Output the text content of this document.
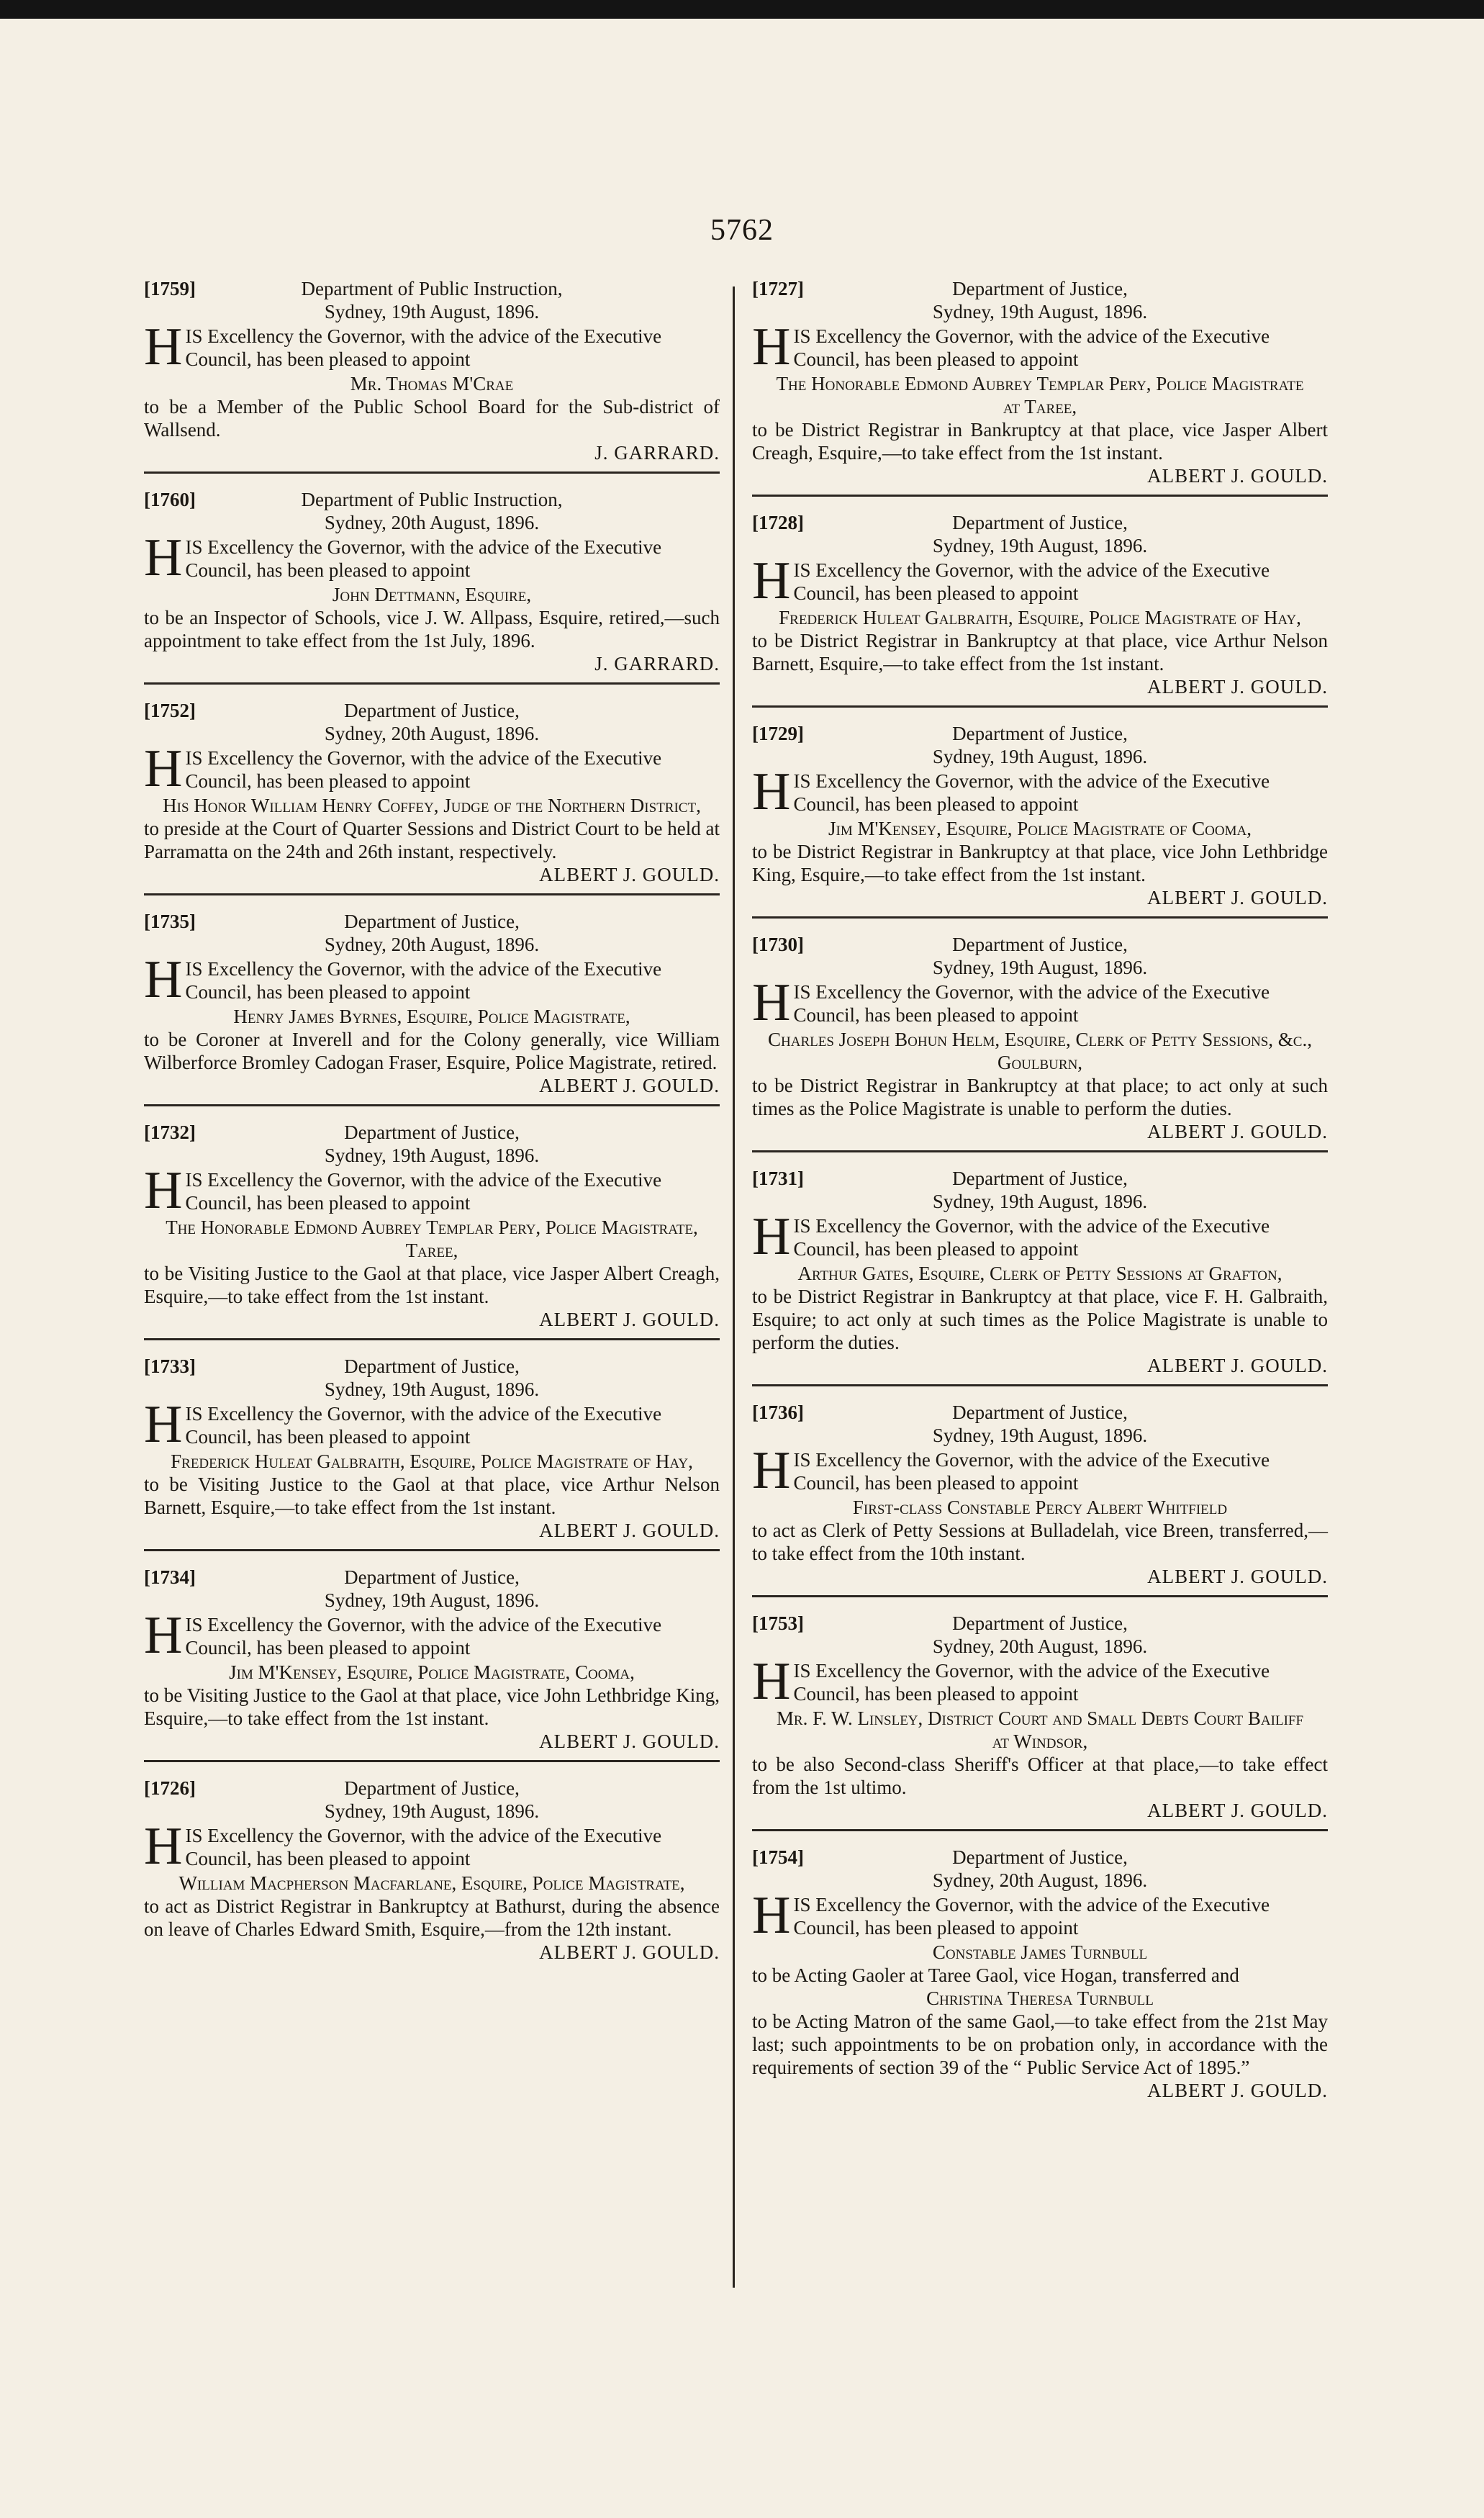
5762
[1759]	Department of Public Instruction,

Sydney, 19th August, 1896.

HIS Excellency the Governor, with the advice of the Executive Council, has been pleased to appoint

Mr. Thomas M'Crae

to be a Member of the Public School Board for the Sub-district of Wallsend.

J. GARRARD.

[1760]	Department of Public Instruction,

Sydney, 20th August, 1896.

HIS Excellency the Governor, with the advice of the Executive Council, has been pleased to appoint

John Dettmann, Esquire,

to be an Inspector of Schools, vice J. W. Allpass, Esquire, retired,—such appointment to take effect from the 1st July, 1896.

J. GARRARD.

[1752]	Department of Justice,

Sydney, 20th August, 1896.

HIS Excellency the Governor, with the advice of the Executive Council, has been pleased to appoint

His Honor William Henry Coffey, Judge of the Northern District,

to preside at the Court of Quarter Sessions and District Court to be held at Parramatta on the 24th and 26th instant, respectively.

ALBERT J. GOULD.

[1735]	Department of Justice,

Sydney, 20th August, 1896.

HIS Excellency the Governor, with the advice of the Executive Council, has been pleased to appoint

Henry James Byrnes, Esquire, Police Magistrate,

to be Coroner at Inverell and for the Colony generally, vice William Wilberforce Bromley Cadogan Fraser, Esquire, Police Magistrate, retired.

ALBERT J. GOULD.

[1732]	Department of Justice,

Sydney, 19th August, 1896.

HIS Excellency the Governor, with the advice of the Executive Council, has been pleased to appoint

The Honorable Edmond Aubrey Templar Pery, Police Magistrate, Taree,

to be Visiting Justice to the Gaol at that place, vice Jasper Albert Creagh, Esquire,—to take effect from the 1st instant.

ALBERT J. GOULD.

[1733]	Department of Justice,

Sydney, 19th August, 1896.

HIS Excellency the Governor, with the advice of the Executive Council, has been pleased to appoint

Frederick Huleat Galbraith, Esquire, Police Magistrate of Hay,

to be Visiting Justice to the Gaol at that place, vice Arthur Nelson Barnett, Esquire,—to take effect from the 1st instant.

ALBERT J. GOULD.

[1734]	Department of Justice,

Sydney, 19th August, 1896.

HIS Excellency the Governor, with the advice of the Executive Council, has been pleased to appoint

Jim M'Kensey, Esquire, Police Magistrate, Cooma,

to be Visiting Justice to the Gaol at that place, vice John Lethbridge King, Esquire,—to take effect from the 1st instant.

ALBERT J. GOULD.

[1726]	Department of Justice,

Sydney, 19th August, 1896.

HIS Excellency the Governor, with the advice of the Executive Council, has been pleased to appoint

William Macpherson Macfarlane, Esquire, Police Magistrate,

to act as District Registrar in Bankruptcy at Bathurst, during the absence on leave of Charles Edward Smith, Esquire,—from the 12th instant.

ALBERT J. GOULD.

[1727]	Department of Justice,

Sydney, 19th August, 1896.

HIS Excellency the Governor, with the advice of the Executive Council, has been pleased to appoint

The Honorable Edmond Aubrey Templar Pery, Police Magistrate at Taree,

to be District Registrar in Bankruptcy at that place, vice Jasper Albert Creagh, Esquire,—to take effect from the 1st instant.

ALBERT J. GOULD.

[1728]	Department of Justice,

Sydney, 19th August, 1896.

HIS Excellency the Governor, with the advice of the Executive Council, has been pleased to appoint

Frederick Huleat Galbraith, Esquire, Police Magistrate of Hay,

to be District Registrar in Bankruptcy at that place, vice Arthur Nelson Barnett, Esquire,—to take effect from the 1st instant.

ALBERT J. GOULD.

[1729]	Department of Justice,

Sydney, 19th August, 1896.

HIS Excellency the Governor, with the advice of the Executive Council, has been pleased to appoint

Jim M'Kensey, Esquire, Police Magistrate of Cooma,

to be District Registrar in Bankruptcy at that place, vice John Lethbridge King, Esquire,—to take effect from the 1st instant.

ALBERT J. GOULD.

[1730]	Department of Justice,

Sydney, 19th August, 1896.

HIS Excellency the Governor, with the advice of the Executive Council, has been pleased to appoint

Charles Joseph Bohun Helm, Esquire, Clerk of Petty Sessions, &c., Goulburn,

to be District Registrar in Bankruptcy at that place; to act only at such times as the Police Magistrate is unable to perform the duties.

ALBERT J. GOULD.

[1731]	Department of Justice,

Sydney, 19th August, 1896.

HIS Excellency the Governor, with the advice of the Executive Council, has been pleased to appoint

Arthur Gates, Esquire, Clerk of Petty Sessions at Grafton,

to be District Registrar in Bankruptcy at that place, vice F. H. Galbraith, Esquire; to act only at such times as the Police Magistrate is unable to perform the duties.

ALBERT J. GOULD.

[1736]	Department of Justice,

Sydney, 19th August, 1896.

HIS Excellency the Governor, with the advice of the Executive Council, has been pleased to appoint

First-class Constable Percy Albert Whitfield

to act as Clerk of Petty Sessions at Bulladelah, vice Breen, transferred,—to take effect from the 10th instant.

ALBERT J. GOULD.

[1753]	Department of Justice,

Sydney, 20th August, 1896.

HIS Excellency the Governor, with the advice of the Executive Council, has been pleased to appoint

Mr. F. W. Linsley, District Court and Small Debts Court Bailiff at Windsor,

to be also Second-class Sheriff's Officer at that place,—to take effect from the 1st ultimo.

ALBERT J. GOULD.

[1754]	Department of Justice,

Sydney, 20th August, 1896.

HIS Excellency the Governor, with the advice of the Executive Council, has been pleased to appoint

Constable James Turnbull

to be Acting Gaoler at Taree Gaol, vice Hogan, transferred and

Christina Theresa Turnbull

to be Acting Matron of the same Gaol,—to take effect from the 21st May last; such appointments to be on probation only, in accordance with the requirements of section 39 of the “ Public Service Act of 1895.”

ALBERT J. GOULD.
